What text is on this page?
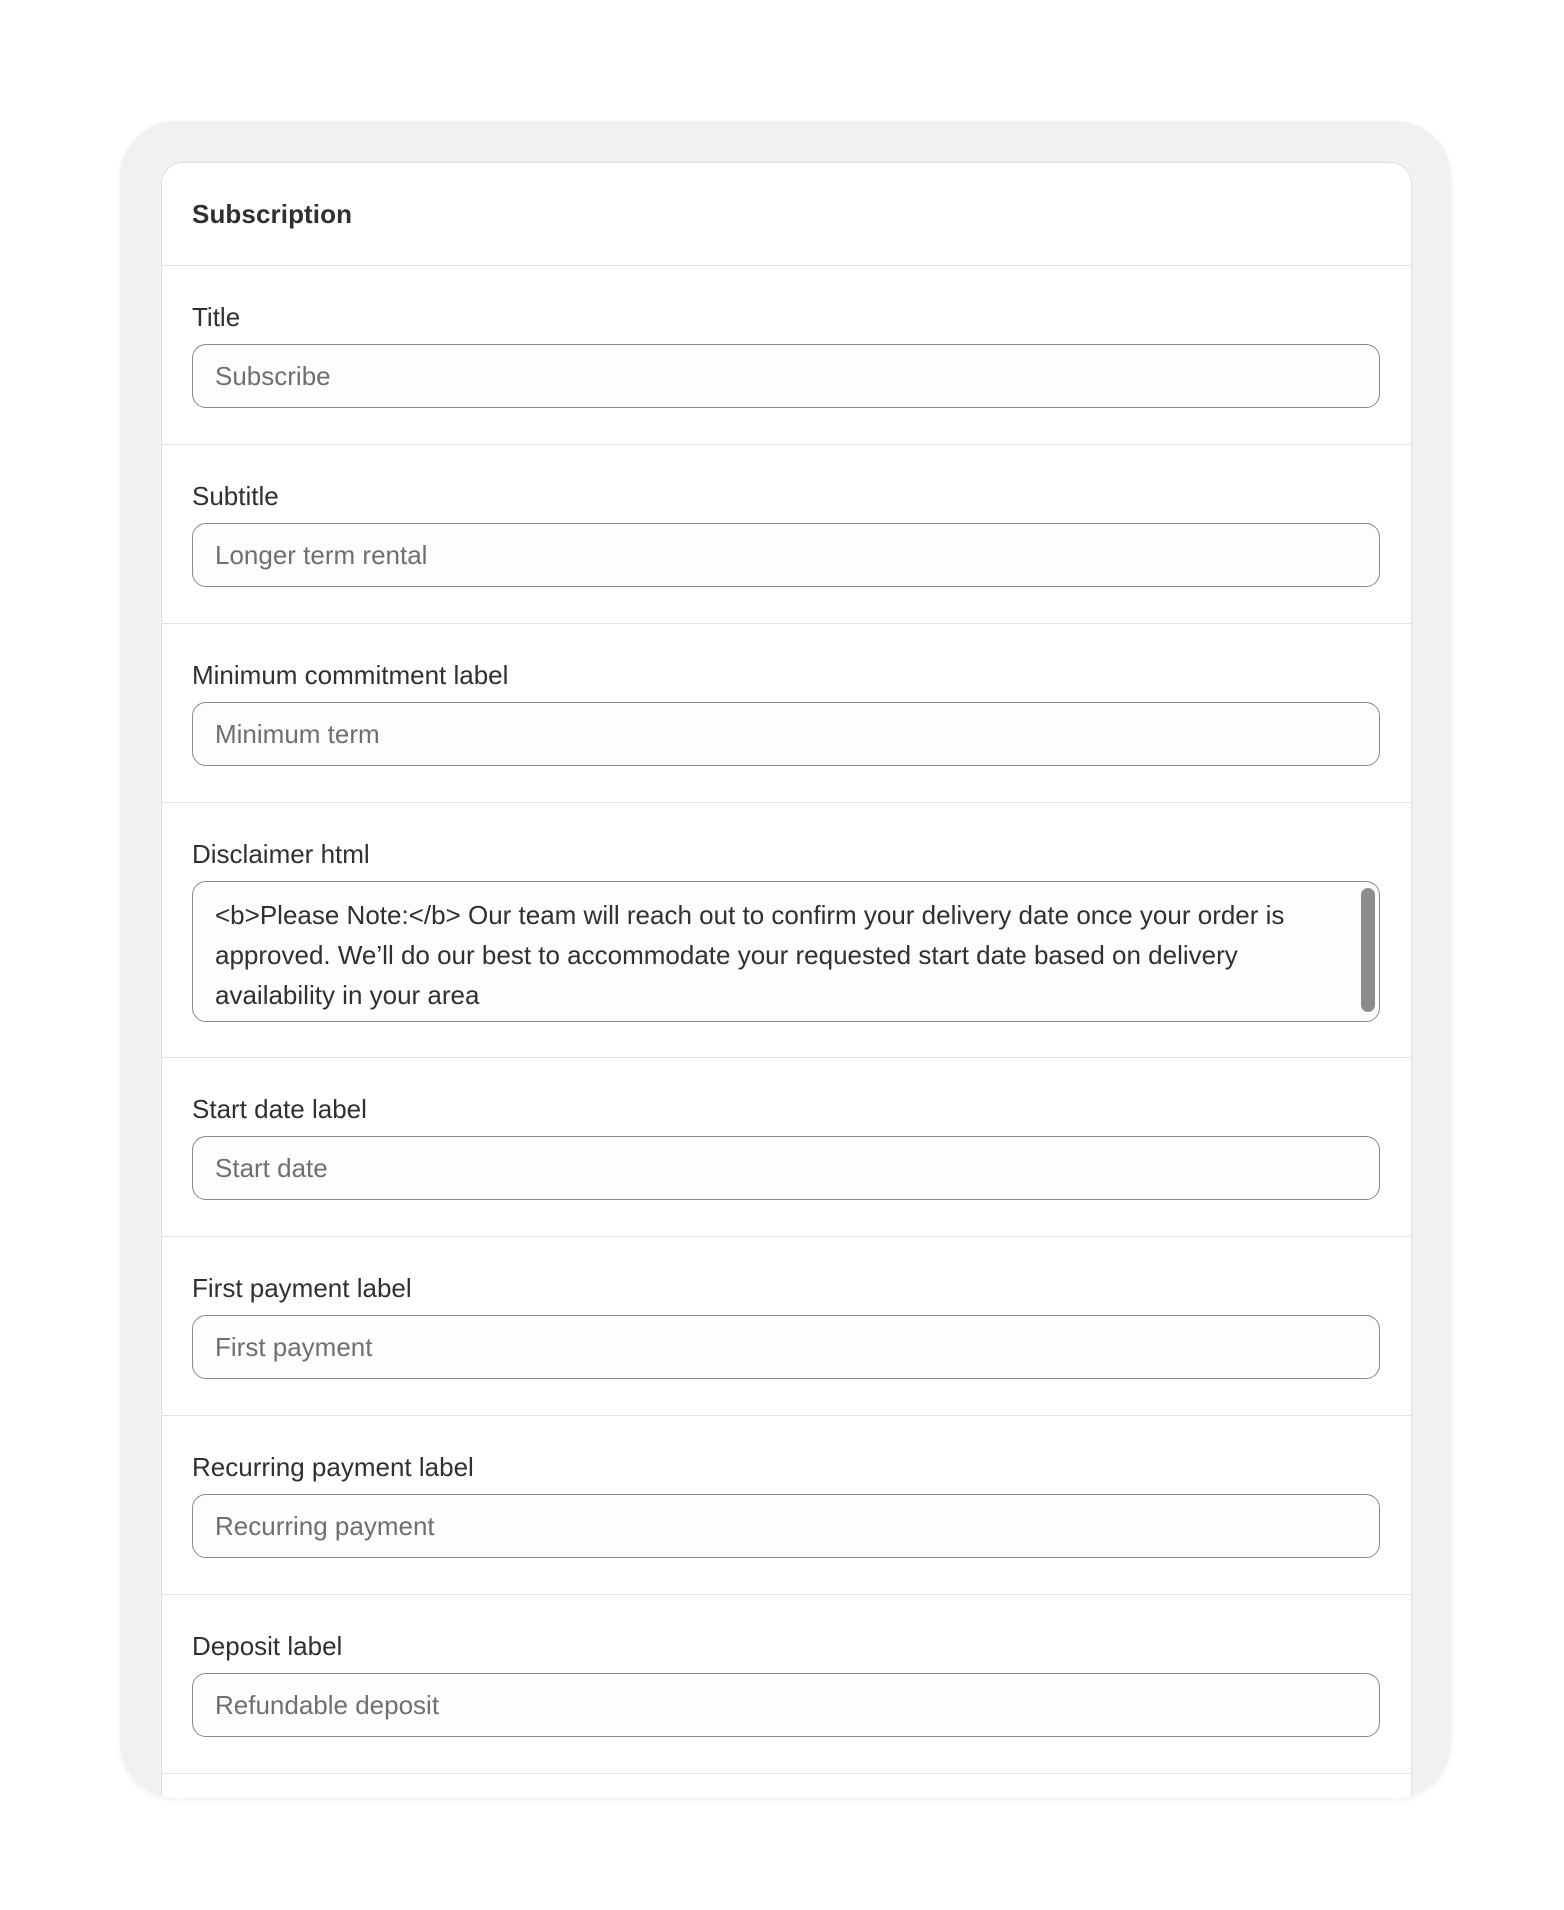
Subscription
Title
Subscribe
Subtitle
Longer term rental
Minimum commitment label
Minimum term
Disclaimer html
<b>Please Note:</b> Our team will reach out to confirm your delivery date once your order is approved. We’ll do our best to accommodate your requested start date based on delivery availability in your area
Start date label
Start date
First payment label
First payment
Recurring payment label
Recurring payment
Deposit label
Refundable deposit
